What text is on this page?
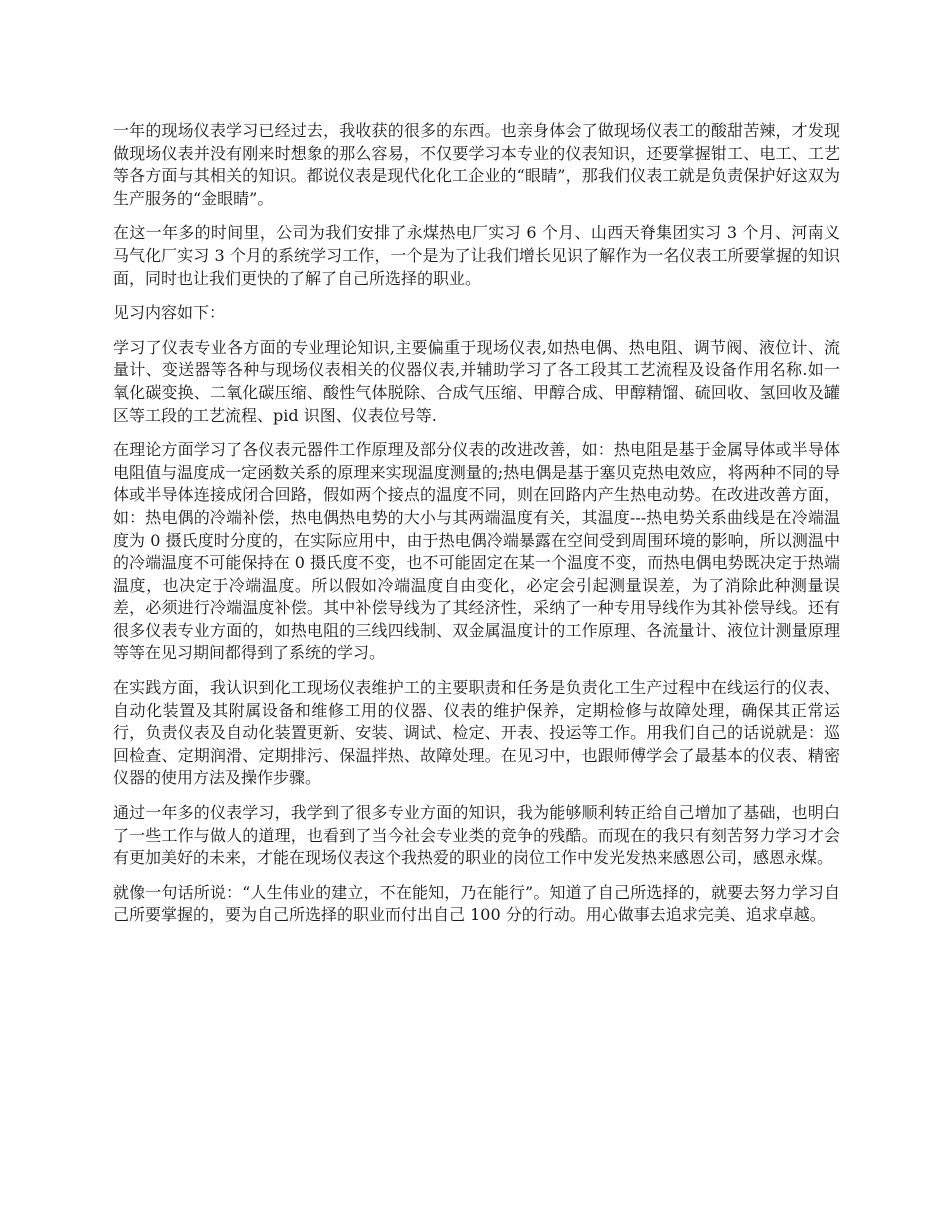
一年的现场仪表学习已经过去，我收获的很多的东西。也亲身体会了做现场仪表工的酸甜苦辣，才发现做现场仪表并没有刚来时想象的那么容易，不仅要学习本专业的仪表知识，还要掌握钳工、电工、工艺等各方面与其相关的知识。都说仪表是现代化化工企业的“眼睛”，那我们仪表工就是负责保护好这双为生产服务的“金眼睛”。

在这一年多的时间里，公司为我们安排了永煤热电厂实习 6 个月、山西天脊集团实习 3 个月、河南义马气化厂实习 3 个月的系统学习工作，一个是为了让我们增长见识了解作为一名仪表工所要掌握的知识面，同时也让我们更快的了解了自己所选择的职业。

见习内容如下：

学习了仪表专业各方面的专业理论知识,主要偏重于现场仪表,如热电偶、热电阻、调节阀、液位计、流量计、变送器等各种与现场仪表相关的仪器仪表,并辅助学习了各工段其工艺流程及设备作用名称.如一氧化碳变换、二氧化碳压缩、酸性气体脱除、合成气压缩、甲醇合成、甲醇精馏、硫回收、氢回收及罐区等工段的工艺流程、pid 识图、仪表位号等.

在理论方面学习了各仪表元器件工作原理及部分仪表的改进改善，如：热电阻是基于金属导体或半导体电阻值与温度成一定函数关系的原理来实现温度测量的;热电偶是基于塞贝克热电效应，将两种不同的导体或半导体连接成闭合回路，假如两个接点的温度不同，则在回路内产生热电动势。在改进改善方面，如：热电偶的冷端补偿，热电偶热电势的大小与其两端温度有关，其温度---热电势关系曲线是在冷端温度为 0 摄氏度时分度的，在实际应用中，由于热电偶冷端暴露在空间受到周围环境的影响，所以测温中的冷端温度不可能保持在 0 摄氏度不变，也不可能固定在某一个温度不变，而热电偶电势既决定于热端温度，也决定于冷端温度。所以假如冷端温度自由变化，必定会引起测量误差，为了消除此种测量误差，必须进行冷端温度补偿。其中补偿导线为了其经济性，采纳了一种专用导线作为其补偿导线。还有很多仪表专业方面的，如热电阻的三线四线制、双金属温度计的工作原理、各流量计、液位计测量原理等等在见习期间都得到了系统的学习。

在实践方面，我认识到化工现场仪表维护工的主要职责和任务是负责化工生产过程中在线运行的仪表、自动化装置及其附属设备和维修工用的仪器、仪表的维护保养，定期检修与故障处理，确保其正常运行，负责仪表及自动化装置更新、安装、调试、检定、开表、投运等工作。用我们自己的话说就是：巡回检查、定期润滑、定期排污、保温拌热、故障处理。在见习中，也跟师傅学会了最基本的仪表、精密仪器的使用方法及操作步骤。

通过一年多的仪表学习，我学到了很多专业方面的知识，我为能够顺利转正给自己增加了基础，也明白了一些工作与做人的道理，也看到了当今社会专业类的竞争的残酷。而现在的我只有刻苦努力学习才会有更加美好的未来，才能在现场仪表这个我热爱的职业的岗位工作中发光发热来感恩公司，感恩永煤。

就像一句话所说：“人生伟业的建立，不在能知，乃在能行”。知道了自己所选择的，就要去努力学习自己所要掌握的，要为自己所选择的职业而付出自己 100 分的行动。用心做事去追求完美、追求卓越。
